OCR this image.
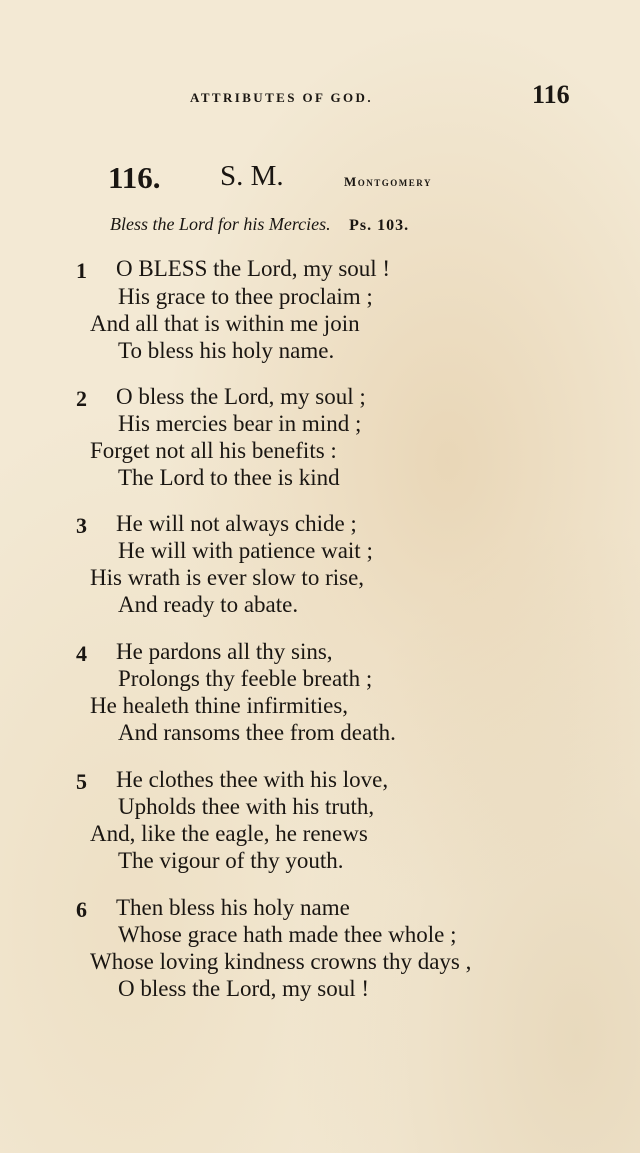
ATTRIBUTES OF GOD.	116
116. S. M.	Montgomery
Bless the Lord for his Mercies. Ps. 103.
1 O BLESS the Lord, my soul !
His grace to thee proclaim ;
And all that is within me join
To bless his holy name.
2 O bless the Lord, my soul ;
His mercies bear in mind ;
Forget not all his benefits :
The Lord to thee is kind
3 He will not always chide ;
He will with patience wait ;
His wrath is ever slow to rise,
And ready to abate.
4 He pardons all thy sins,
Prolongs thy feeble breath ;
He healeth thine infirmities,
And ransoms thee from death.
5 He clothes thee with his love,
Upholds thee with his truth,
And, like the eagle, he renews
The vigour of thy youth.
6 Then bless his holy name
Whose grace hath made thee whole ;
Whose loving kindness crowns thy days ,
O bless the Lord, my soul !
